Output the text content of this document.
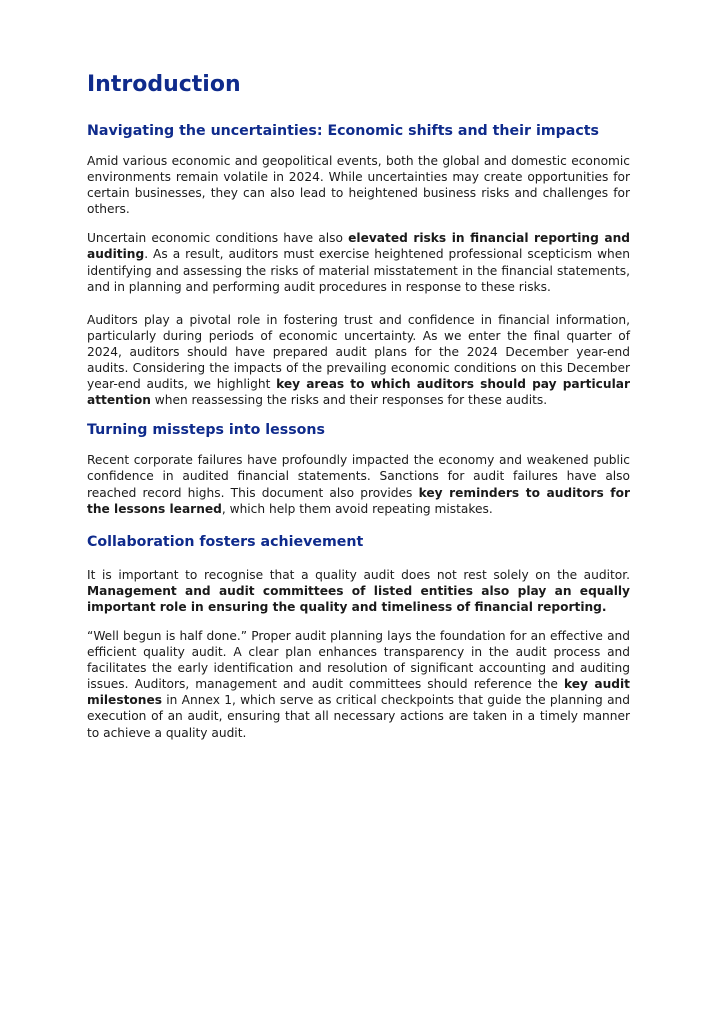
Introduction
Navigating the uncertainties: Economic shifts and their impacts

Amid various economic and geopolitical events, both the global and domestic economic environments remain volatile in 2024. While uncertainties may create opportunities for certain businesses, they can also lead to heightened business risks and challenges for others.

Uncertain economic conditions have also elevated risks in financial reporting and auditing. As a result, auditors must exercise heightened professional scepticism when identifying and assessing the risks of material misstatement in the financial statements, and in planning and performing audit procedures in response to these risks.

Auditors play a pivotal role in fostering trust and confidence in financial information, particularly during periods of economic uncertainty. As we enter the final quarter of 2024, auditors should have prepared audit plans for the 2024 December year-end audits. Considering the impacts of the prevailing economic conditions on this December year-end audits, we highlight key areas to which auditors should pay particular attention when reassessing the risks and their responses for these audits.

Turning missteps into lessons

Recent corporate failures have profoundly impacted the economy and weakened public confidence in audited financial statements. Sanctions for audit failures have also reached record highs. This document also provides key reminders to auditors for the lessons learned, which help them avoid repeating mistakes.

Collaboration fosters achievement

It is important to recognise that a quality audit does not rest solely on the auditor. Management and audit committees of listed entities also play an equally important role in ensuring the quality and timeliness of financial reporting.

“Well begun is half done.” Proper audit planning lays the foundation for an effective and efficient quality audit. A clear plan enhances transparency in the audit process and facilitates the early identification and resolution of significant accounting and auditing issues. Auditors, management and audit committees should reference the key audit milestones in Annex 1, which serve as critical checkpoints that guide the planning and execution of an audit, ensuring that all necessary actions are taken in a timely manner to achieve a quality audit.
